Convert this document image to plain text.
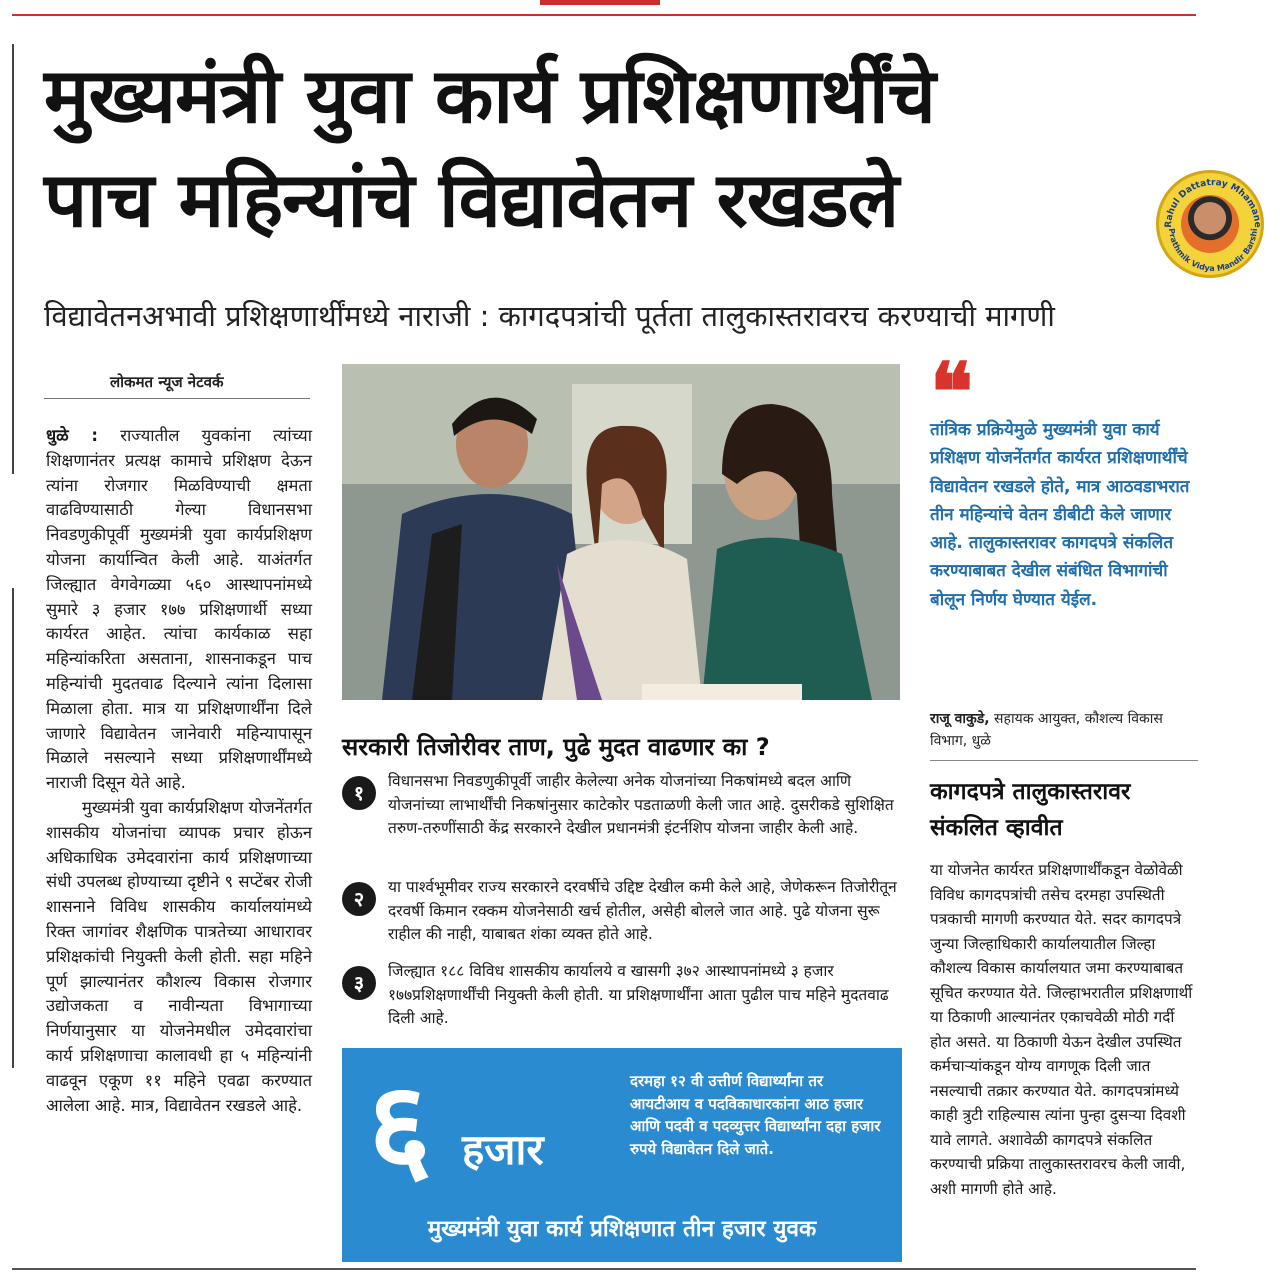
मुख्यमंत्री युवा कार्य प्रशिक्षणार्थींचे
पाच महिन्यांचे विद्यावेतन रखडले	Rahul Dattatray Mhamane
Prathmik Vidya Mandir Barshi
विद्यावेतनअभावी प्रशिक्षणार्थींमध्ये नाराजी : कागदपत्रांची पूर्तता तालुकास्तरावरच करण्याची मागणी
लोकमत न्यूज नेटवर्क

धुळे : राज्यातील युवकांना त्यांच्या शिक्षणानंतर प्रत्यक्ष कामाचे प्रशिक्षण देऊन त्यांना रोजगार मिळविण्याची क्षमता वाढविण्यासाठी गेल्या विधानसभा निवडणुकीपूर्वी मुख्यमंत्री युवा कार्यप्रशिक्षण योजना कार्यान्वित केली आहे. याअंतर्गत जिल्ह्यात वेगवेगळ्या ५६० आस्थापनांमध्ये सुमारे ३ हजार १७७ प्रशिक्षणार्थी सध्या कार्यरत आहेत. त्यांचा कार्यकाळ सहा महिन्यांकरिता असताना, शासनाकडून पाच महिन्यांची मुदतवाढ दिल्याने त्यांना दिलासा मिळाला होता. मात्र या प्रशिक्षणार्थींना दिले जाणारे विद्यावेतन जानेवारी महिन्यापासून मिळाले नसल्याने सध्या प्रशिक्षणार्थींमध्ये नाराजी दिसून येते आहे.

मुख्यमंत्री युवा कार्यप्रशिक्षण योजनेंतर्गत शासकीय योजनांचा व्यापक प्रचार होऊन अधिकाधिक उमेदवारांना कार्य प्रशिक्षणाच्या संधी उपलब्ध होण्याच्या दृष्टीने ९ सप्टेंबर रोजी शासनाने विविध शासकीय कार्यालयांमध्ये रिक्त जागांवर शैक्षणिक पात्रतेच्या आधारावर प्रशिक्षकांची नियुक्ती केली होती. सहा महिने पूर्ण झाल्यानंतर कौशल्य विकास रोजगार उद्योजकता व नावीन्यता विभागाच्या निर्णयानुसार या योजनेमधील उमेदवारांचा कार्य प्रशिक्षणाचा कालावधी हा ५ महिन्यांनी वाढवून एकूण ११ महिने एवढा करण्यात आलेला आहे. मात्र, विद्यावेतन रखडले आहे.

सरकारी तिजोरीवर ताण, पुढे मुदत वाढणार का ?
१	विधानसभा निवडणुकीपूर्वी जाहीर केलेल्या अनेक योजनांच्या निकषांमध्ये बदल आणि योजनांच्या लाभार्थींची निकषांनुसार काटेकोर पडताळणी केली जात आहे. दुसरीकडे सुशिक्षित तरुण-तरुणींसाठी केंद्र सरकारने देखील प्रधानमंत्री इंटर्नशिप योजना जाहीर केली आहे.
२	या पार्श्वभूमीवर राज्य सरकारने दरवर्षीचे उद्दिष्ट देखील कमी केले आहे, जेणेकरून तिजोरीतून दरवर्षी किमान रक्कम योजनेसाठी खर्च होतील, असेही बोलले जात आहे. पुढे योजना सुरू राहील की नाही, याबाबत शंका व्यक्त होते आहे.
३	जिल्ह्यात १८८ विविध शासकीय कार्यालये व खासगी ३७२ आस्थापनांमध्ये ३ हजार १७७प्रशिक्षणार्थींची नियुक्ती केली होती. या प्रशिक्षणार्थींना आता पुढील पाच महिने मुदतवाढ दिली आहे.
६ हजार
दरमहा १२ वी उत्तीर्ण विद्यार्थ्यांना तर आयटीआय व पदविकाधारकांना आठ हजार आणि पदवी व पदव्युत्तर विद्यार्थ्यांना दहा हजार रुपये विद्यावेतन दिले जाते.
मुख्यमंत्री युवा कार्य प्रशिक्षणात तीन हजार युवक
❝
तांत्रिक प्रक्रियेमुळे मुख्यमंत्री युवा कार्य प्रशिक्षण योजनेंतर्गत कार्यरत प्रशिक्षणार्थींचे विद्यावेतन रखडले होते, मात्र आठवडाभरात तीन महिन्यांचे वेतन डीबीटी केले जाणार आहे. तालुकास्तरावर कागदपत्रे संकलित करण्याबाबत देखील संबंधित विभागांची बोलून निर्णय घेण्यात येईल.
राजू वाकुडे, सहायक आयुक्त, कौशल्य विकास विभाग, धुळे
कागदपत्रे तालुकास्तरावर संकलित व्हावीत
या योजनेत कार्यरत प्रशिक्षणार्थींकडून वेळोवेळी विविध कागदपत्रांची तसेच दरमहा उपस्थिती पत्रकाची मागणी करण्यात येते. सदर कागदपत्रे जुन्या जिल्हाधिकारी कार्यालयातील जिल्हा कौशल्य विकास कार्यालयात जमा करण्याबाबत सूचित करण्यात येते. जिल्हाभरातील प्रशिक्षणार्थी या ठिकाणी आल्यानंतर एकाचवेळी मोठी गर्दी होत असते. या ठिकाणी येऊन देखील उपस्थित कर्मचाऱ्यांकडून योग्य वागणूक दिली जात नसल्याची तक्रार करण्यात येते. कागदपत्रांमध्ये काही त्रुटी राहिल्यास त्यांना पुन्हा दुसऱ्या दिवशी यावे लागते. अशावेळी कागदपत्रे संकलित करण्याची प्रक्रिया तालुकास्तरावरच केली जावी, अशी मागणी होते आहे.
